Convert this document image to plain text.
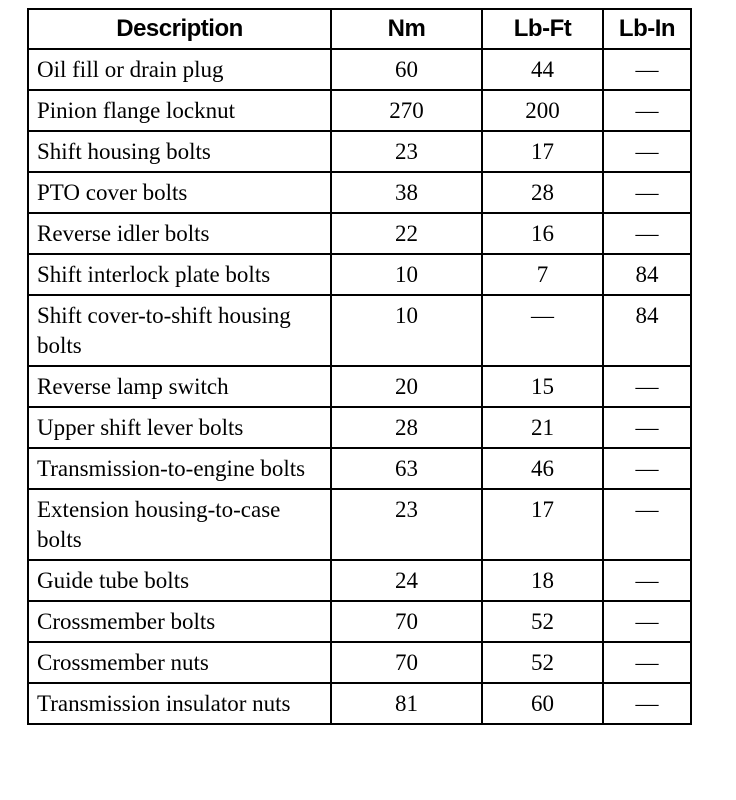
Description	Nm	Lb-Ft	Lb-In
Oil fill or drain plug	60	44	—
Pinion flange locknut	270	200	—
Shift housing bolts	23	17	—
PTO cover bolts	38	28	—
Reverse idler bolts	22	16	—
Shift interlock plate bolts	10	7	84
Shift cover-to-shift housing bolts	10	—	84
Reverse lamp switch	20	15	—
Upper shift lever bolts	28	21	—
Transmission-to-engine bolts	63	46	—
Extension housing-to-case bolts	23	17	—
Guide tube bolts	24	18	—
Crossmember bolts	70	52	—
Crossmember nuts	70	52	—
Transmission insulator nuts	81	60	—
